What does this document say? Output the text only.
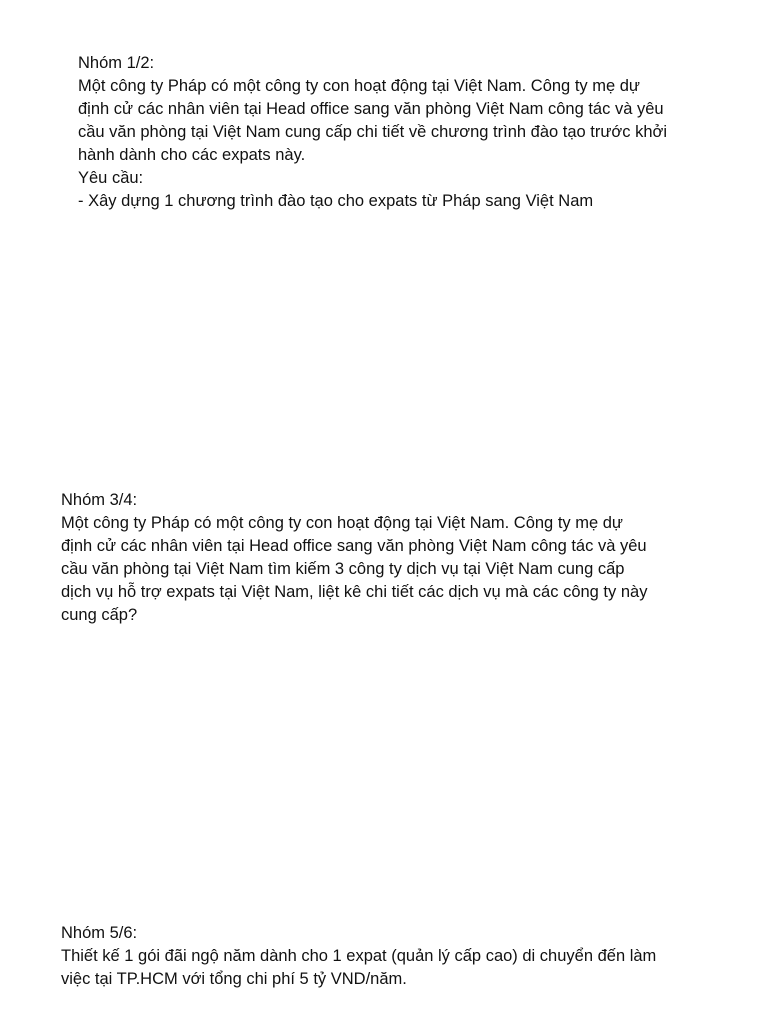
Nhóm 1/2:
Một công ty Pháp có một công ty con hoạt động tại Việt Nam. Công ty mẹ dự
định cử các nhân viên tại Head office sang văn phòng Việt Nam công tác và yêu
cầu văn phòng tại Việt Nam cung cấp chi tiết về chương trình đào tạo trước khởi
hành dành cho các expats này.
Yêu cầu:
- Xây dựng 1 chương trình đào tạo cho expats từ Pháp sang Việt Nam
Nhóm 3/4:
Một công ty Pháp có một công ty con hoạt động tại Việt Nam. Công ty mẹ dự
định cử các nhân viên tại Head office sang văn phòng Việt Nam công tác và yêu
cầu văn phòng tại Việt Nam tìm kiếm 3 công ty dịch vụ tại Việt Nam cung cấp
dịch vụ hỗ trợ expats tại Việt Nam, liệt kê chi tiết các dịch vụ mà các công ty này
cung cấp?
Nhóm 5/6:
Thiết kế 1 gói đãi ngộ năm dành cho 1 expat (quản lý cấp cao) di chuyển đến làm
việc tại TP.HCM với tổng chi phí 5 tỷ VND/năm.
